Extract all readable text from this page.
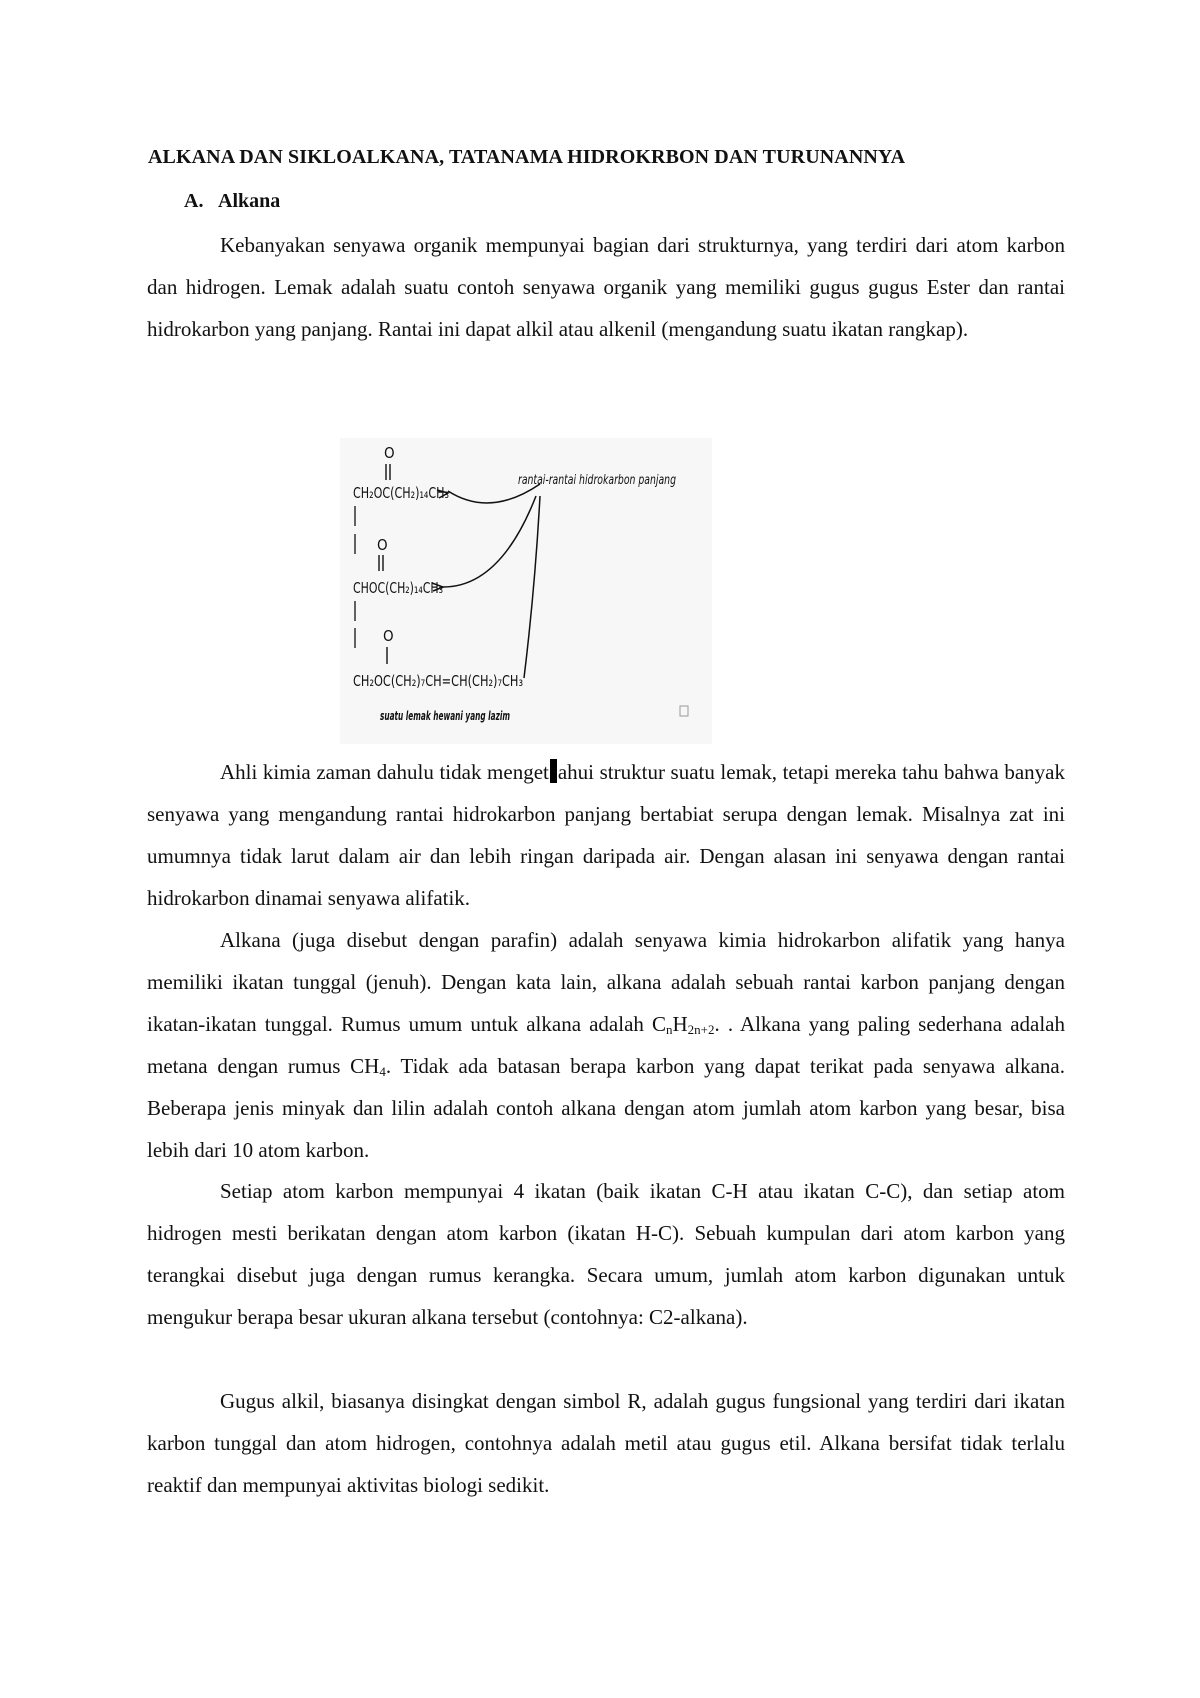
ALKANA DAN SIKLOALKANA, TATANAMA HIDROKRBON DAN TURUNANNYA
A. Alkana

Kebanyakan senyawa organik mempunyai bagian dari strukturnya, yang terdiri dari atom karbon dan hidrogen. Lemak adalah suatu contoh senyawa organik yang memiliki gugus gugus Ester dan rantai hidrokarbon yang panjang. Rantai ini dapat alkil atau alkenil (mengandung suatu ikatan rangkap).

O
CH₂OC(CH₂)₁₄CH₃
O
CHOC(CH₂)₁₄CH₃
O
CH₂OC(CH₂)₇CH=CH(CH₂)₇CH₃
rantai-rantai hidrokarbon panjang
suatu lemak hewani yang lazim

Ahli kimia zaman dahulu tidak menget ahui struktur suatu lemak, tetapi mereka tahu bahwa banyak senyawa yang mengandung rantai hidrokarbon panjang bertabiat serupa dengan lemak. Misalnya zat ini umumnya tidak larut dalam air dan lebih ringan daripada air. Dengan alasan ini senyawa dengan rantai hidrokarbon dinamai senyawa alifatik.

Alkana (juga disebut dengan parafin) adalah senyawa kimia hidrokarbon alifatik yang hanya memiliki ikatan tunggal (jenuh). Dengan kata lain, alkana adalah sebuah rantai karbon panjang dengan ikatan-ikatan tunggal. Rumus umum untuk alkana adalah $C_nH_{2n+2}$. . Alkana yang paling sederhana adalah metana dengan rumus $CH_4$. Tidak ada batasan berapa karbon yang dapat terikat pada senyawa alkana. Beberapa jenis minyak dan lilin adalah contoh alkana dengan atom jumlah atom karbon yang besar, bisa lebih dari 10 atom karbon.

Setiap atom karbon mempunyai 4 ikatan (baik ikatan C-H atau ikatan C-C), dan setiap atom hidrogen mesti berikatan dengan atom karbon (ikatan H-C). Sebuah kumpulan dari atom karbon yang terangkai disebut juga dengan rumus kerangka. Secara umum, jumlah atom karbon digunakan untuk mengukur berapa besar ukuran alkana tersebut (contohnya: C2-alkana).

Gugus alkil, biasanya disingkat dengan simbol R, adalah gugus fungsional yang terdiri dari ikatan karbon tunggal dan atom hidrogen, contohnya adalah metil atau gugus etil. Alkana bersifat tidak terlalu reaktif dan mempunyai aktivitas biologi sedikit.
